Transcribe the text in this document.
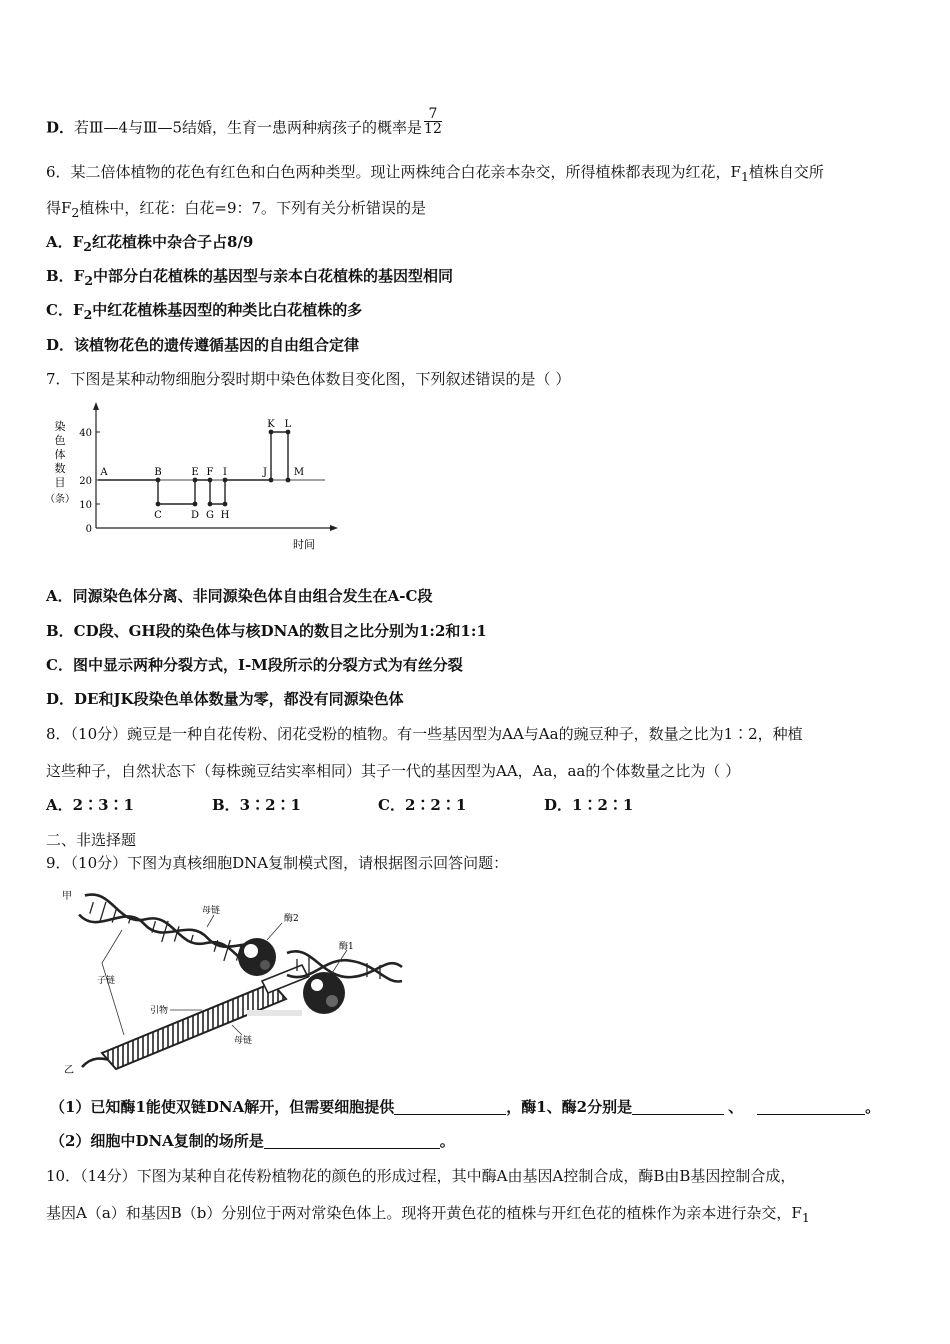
D．若Ⅲ—4与Ⅲ—5结婚，生育一患两种病孩子的概率是 $\frac{7}{12}$
6．某二倍体植物的花色有红色和白色两种类型。现让两株纯合白花亲本杂交，所得植株都表现为红花，$F_1$植株自交所
得$F_2$植株中，红花：白花=9：7。下列有关分析错误的是
A．$F_2$红花植株中杂合子占8/9
B．$F_2$中部分白花植株的基因型与亲本白花植株的基因型相同
C．$F_2$中红花植株基因型的种类比白花植株的多
D．该植物花色的遗传遵循基因的自由组合定律
7．下图是某种动物细胞分裂时期中染色体数目变化图，下列叙述错误的是（ ）
0
10
20
40
染
色
体
数
目
（条）
时间
A	B
C	D
E F
G H
I	J
K L
M
A．同源染色体分离、非同源染色体自由组合发生在A-C段
B．CD段、GH段的染色体与核DNA的数目之比分别为1:2和1:1
C．图中显示两种分裂方式，I-M段所示的分裂方式为有丝分裂
D．DE和JK段染色单体数量为零，都没有同源染色体
8．（10分）豌豆是一种自花传粉、闭花受粉的植物。有一些基因型为AA与Aa的豌豆种子，数量之比为1∶2，种植
这些种子，自然状态下（每株豌豆结实率相同）其子一代的基因型为AA，Aa，aa的个体数量之比为（ ）
A．2∶3∶1	B．3∶2∶1	C．2∶2∶1	D．1∶2∶1
二、非选择题
9．（10分）下图为真核细胞DNA复制模式图，请根据图示回答问题：
甲
乙
母链
酶2
酶1
子链
引物
母链
（1）已知酶1能使双链DNA解开，但需要细胞提供	，酶1、酶2分别是	、	。
（2）细胞中DNA复制的场所是	。
10．（14分）下图为某种自花传粉植物花的颜色的形成过程，其中酶A由基因A控制合成，酶B由B基因控制合成，
基因A（a）和基因B（b）分别位于两对常染色体上。现将开黄色花的植株与开红色花的植株作为亲本进行杂交，$F_1$
